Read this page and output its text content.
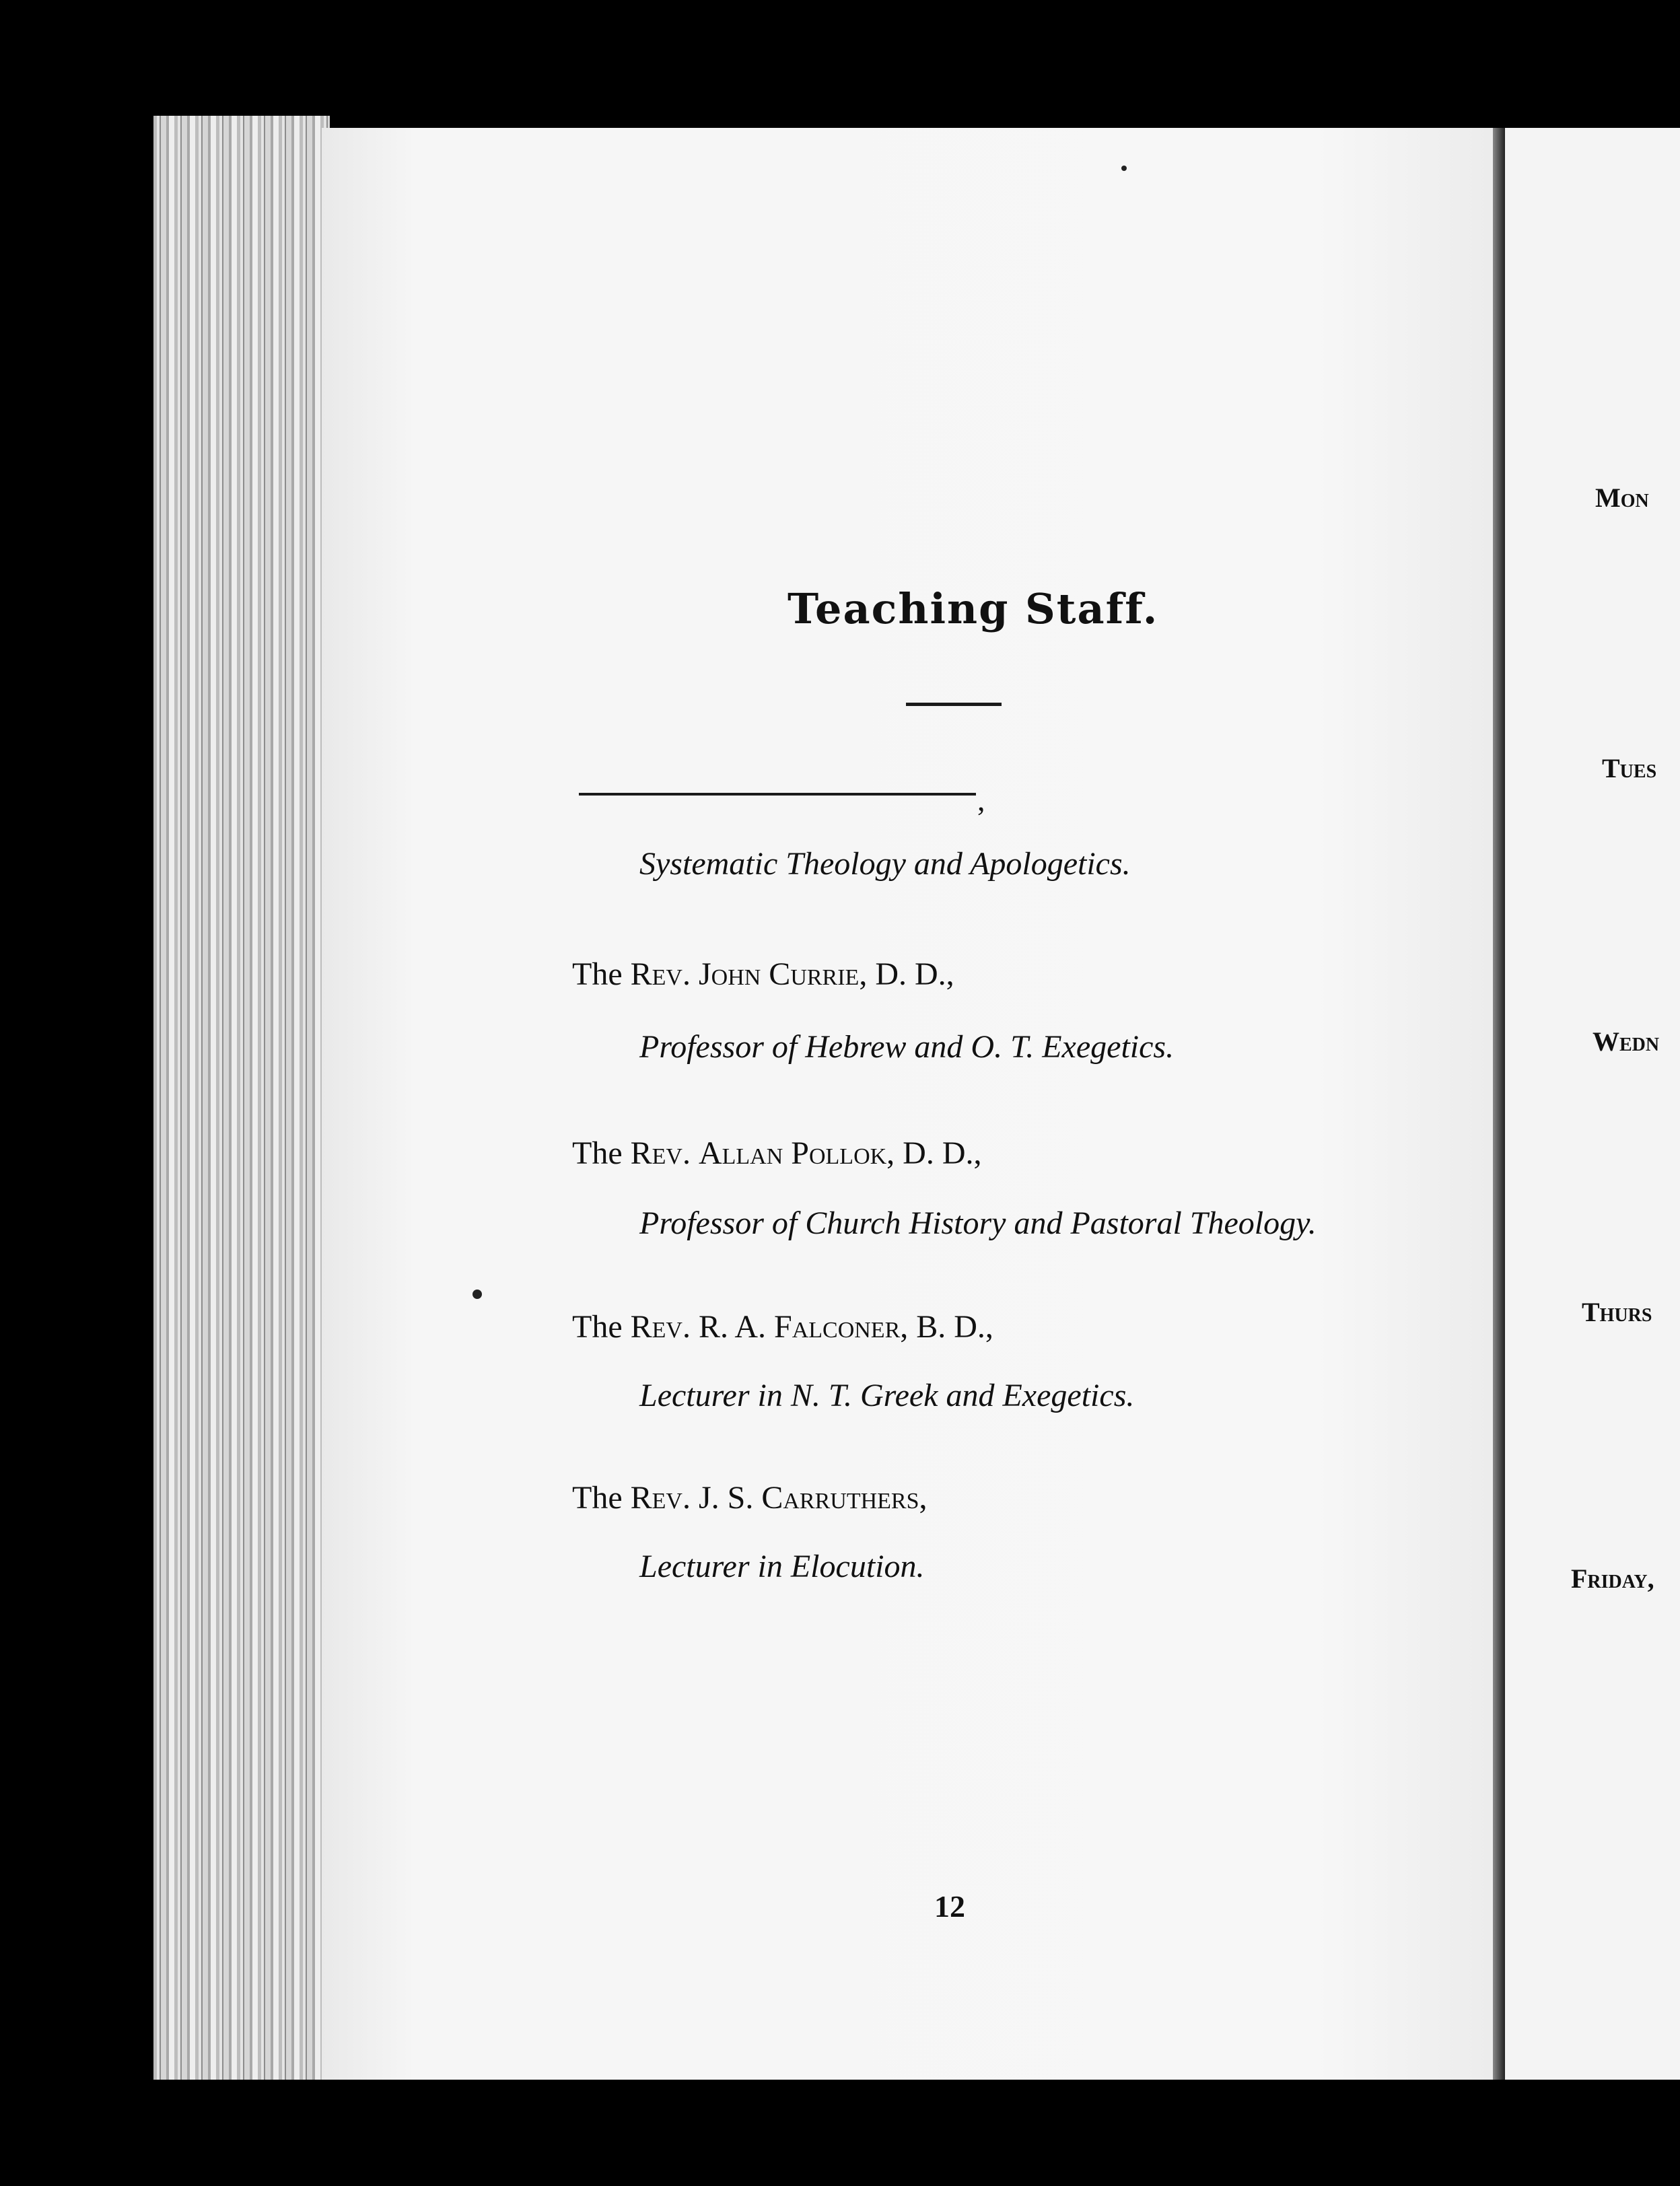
Teaching Staff.
,
Systematic Theology and Apologetics.
The Rev. John Currie, D. D.,
Professor of Hebrew and O. T. Exegetics.
The Rev. Allan Pollok, D. D.,
Professor of Church History and Pastoral Theology.
The Rev. R. A. Falconer, B. D.,
Lecturer in N. T. Greek and Exegetics.
The Rev. J. S. Carruthers,
Lecturer in Elocution.
12
Mon
Tues
Wedn
Thurs
Friday,
